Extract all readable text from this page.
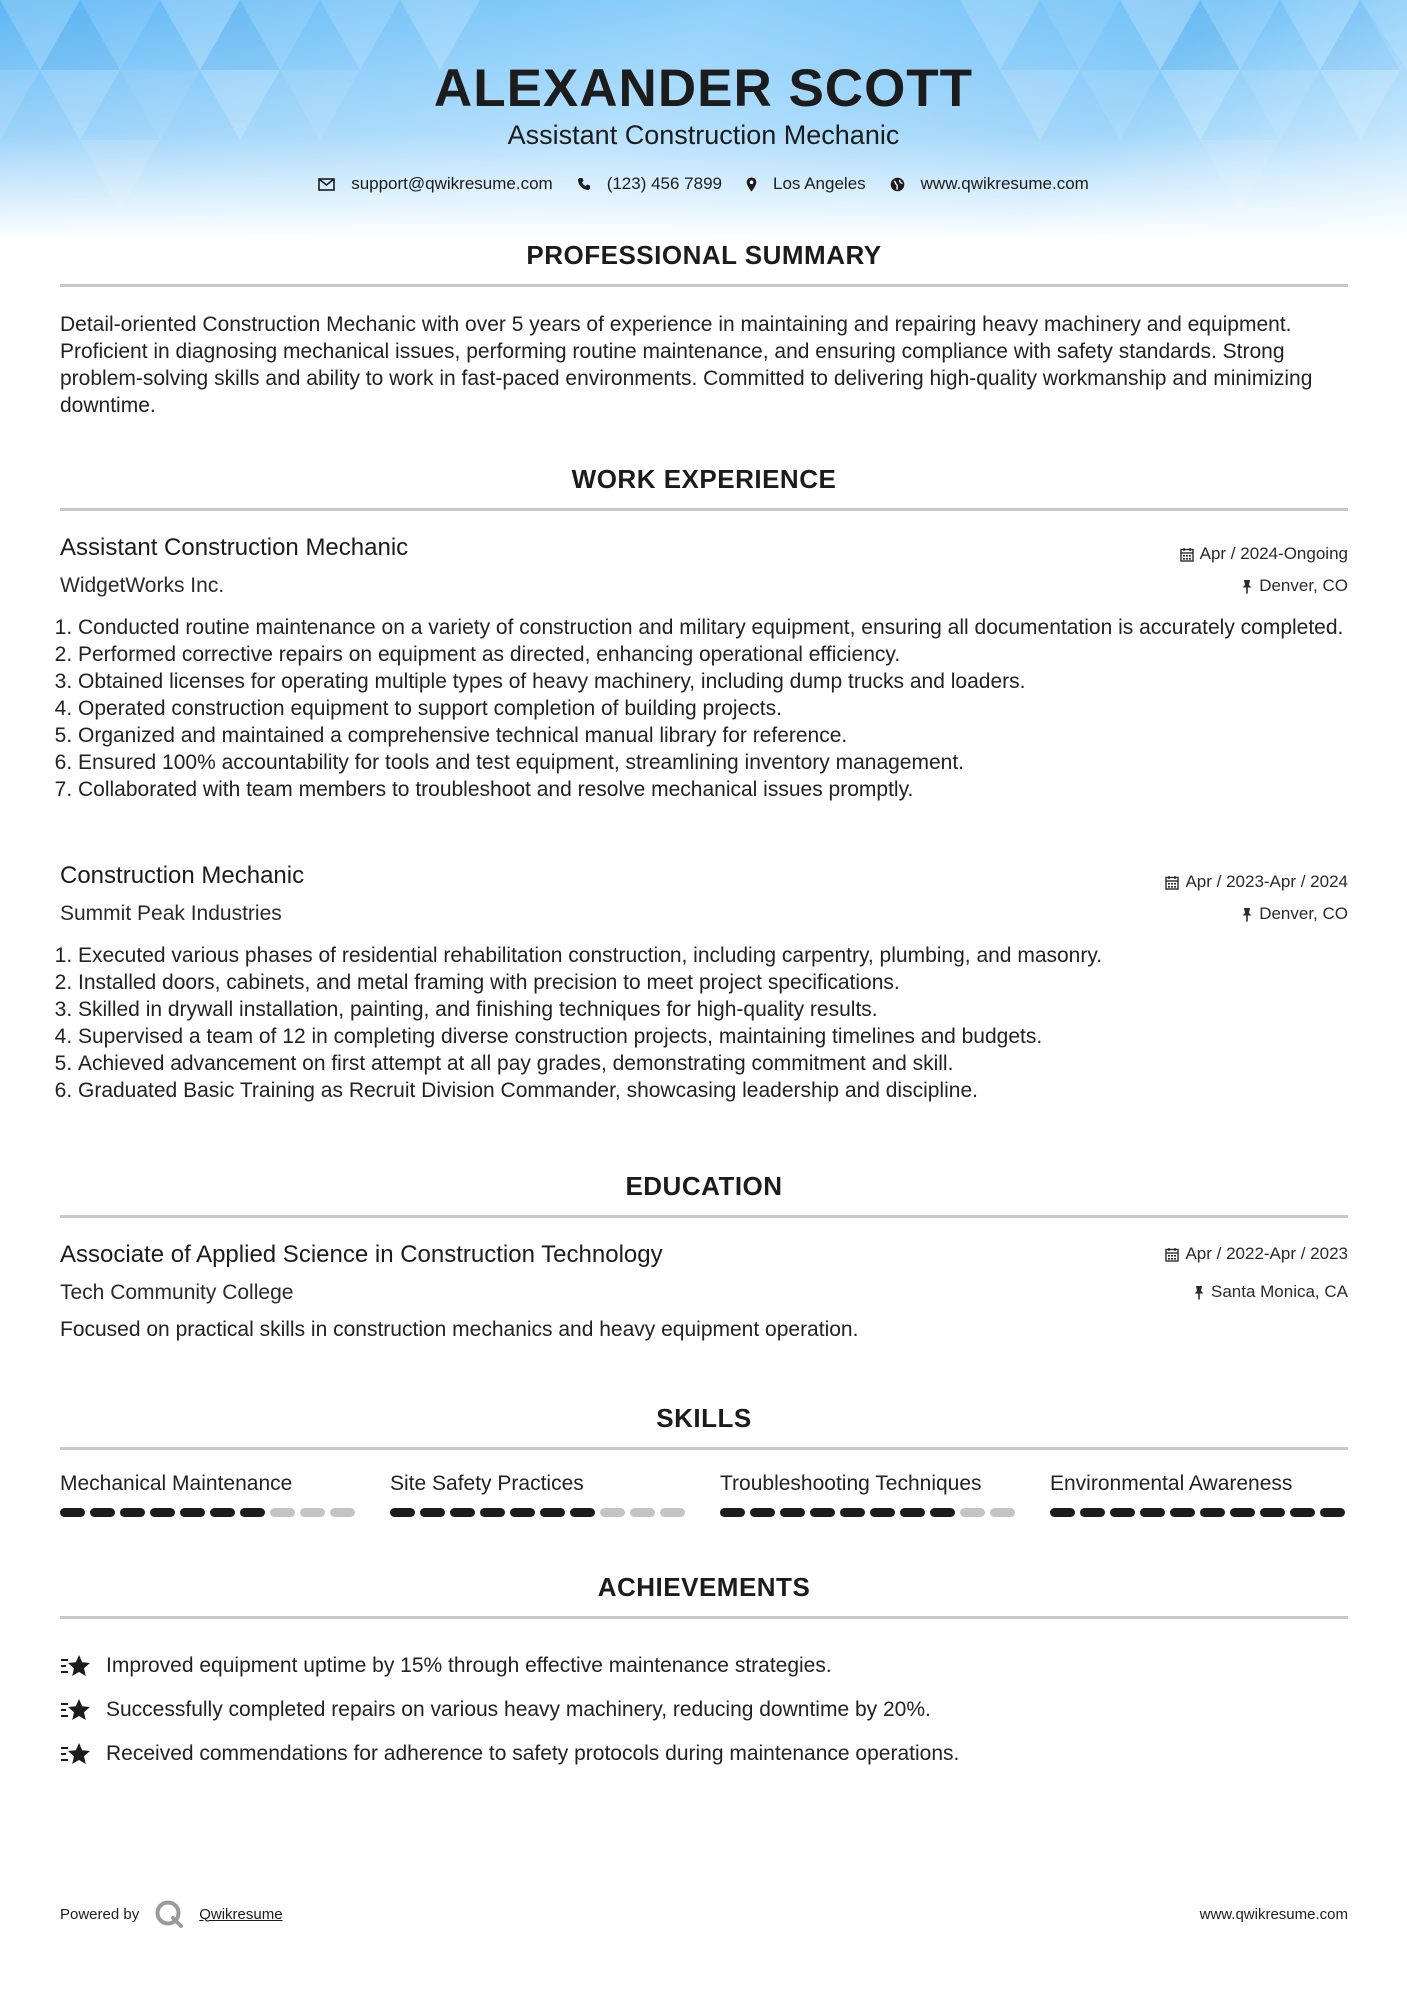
ALEXANDER SCOTT
Assistant Construction Mechanic
support@qwikresume.com	(123) 456 7899	Los Angeles	www.qwikresume.com
PROFESSIONAL SUMMARY
Detail-oriented Construction Mechanic with over 5 years of experience in maintaining and repairing heavy machinery and equipment. Proficient in diagnosing mechanical issues, performing routine maintenance, and ensuring compliance with safety standards. Strong problem-solving skills and ability to work in fast-paced environments. Committed to delivering high-quality workmanship and minimizing downtime.
WORK EXPERIENCE
Assistant Construction Mechanic	Apr / 2024-Ongoing
WidgetWorks Inc.	Denver, CO
1. Conducted routine maintenance on a variety of construction and military equipment, ensuring all documentation is accurately completed.
2. Performed corrective repairs on equipment as directed, enhancing operational efficiency.
3. Obtained licenses for operating multiple types of heavy machinery, including dump trucks and loaders.
4. Operated construction equipment to support completion of building projects.
5. Organized and maintained a comprehensive technical manual library for reference.
6. Ensured 100% accountability for tools and test equipment, streamlining inventory management.
7. Collaborated with team members to troubleshoot and resolve mechanical issues promptly.
Construction Mechanic	Apr / 2023-Apr / 2024
Summit Peak Industries	Denver, CO
1. Executed various phases of residential rehabilitation construction, including carpentry, plumbing, and masonry.
2. Installed doors, cabinets, and metal framing with precision to meet project specifications.
3. Skilled in drywall installation, painting, and finishing techniques for high-quality results.
4. Supervised a team of 12 in completing diverse construction projects, maintaining timelines and budgets.
5. Achieved advancement on first attempt at all pay grades, demonstrating commitment and skill.
6. Graduated Basic Training as Recruit Division Commander, showcasing leadership and discipline.
EDUCATION
Associate of Applied Science in Construction Technology	Apr / 2022-Apr / 2023
Tech Community College	Santa Monica, CA
Focused on practical skills in construction mechanics and heavy equipment operation.
SKILLS
Mechanical Maintenance	Site Safety Practices	Troubleshooting Techniques	Environmental Awareness
ACHIEVEMENTS
Improved equipment uptime by 15% through effective maintenance strategies.
Successfully completed repairs on various heavy machinery, reducing downtime by 20%.
Received commendations for adherence to safety protocols during maintenance operations.
Powered by	Qwikresume	www.qwikresume.com
